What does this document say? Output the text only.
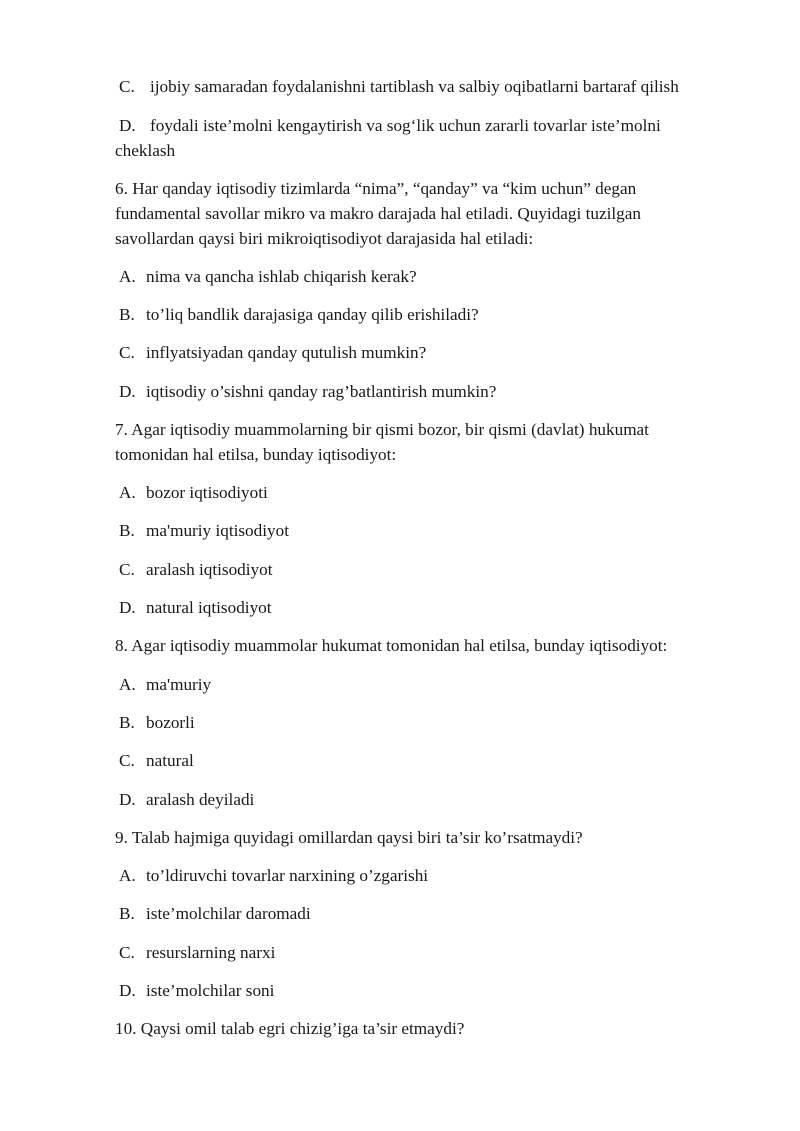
C. ijobiy samaradan foydalanishni tartiblash va salbiy oqibatlarni bartaraf qilish
D. foydali iste’molni kengaytirish va sog‘lik uchun zararli tovarlar iste’molni
cheklash
6. Har qanday iqtisodiy tizimlarda “nima”, “qanday” va “kim uchun” degan
fundamental savollar mikro va makro darajada hal etiladi. Quyidagi tuzilgan
savollardan qaysi biri mikroiqtisodiyot darajasida hal etiladi:
A. nima va qancha ishlab chiqarish kerak?
B. to’liq bandlik darajasiga qanday qilib erishiladi?
C. inflyatsiyadan qanday qutulish mumkin?
D. iqtisodiy o’sishni qanday rag’batlantirish mumkin?
7. Agar iqtisodiy muammolarning bir qismi bozor, bir qismi (davlat) hukumat
tomonidan hal etilsa, bunday iqtisodiyot:
A. bozor iqtisodiyoti
B. ma'muriy iqtisodiyot
C. aralash iqtisodiyot
D. natural iqtisodiyot
8. Agar iqtisodiy muammolar hukumat tomonidan hal etilsa, bunday iqtisodiyot:
A. ma'muriy
B. bozorli
C. natural
D. aralash deyiladi
9. Talab hajmiga quyidagi omillardan qaysi biri ta’sir ko’rsatmaydi?
A. to’ldiruvchi tovarlar narxining o’zgarishi
B. iste’molchilar daromadi
C. resurslarning narxi
D. iste’molchilar soni
10. Qaysi omil talab egri chizig’iga ta’sir etmaydi?
